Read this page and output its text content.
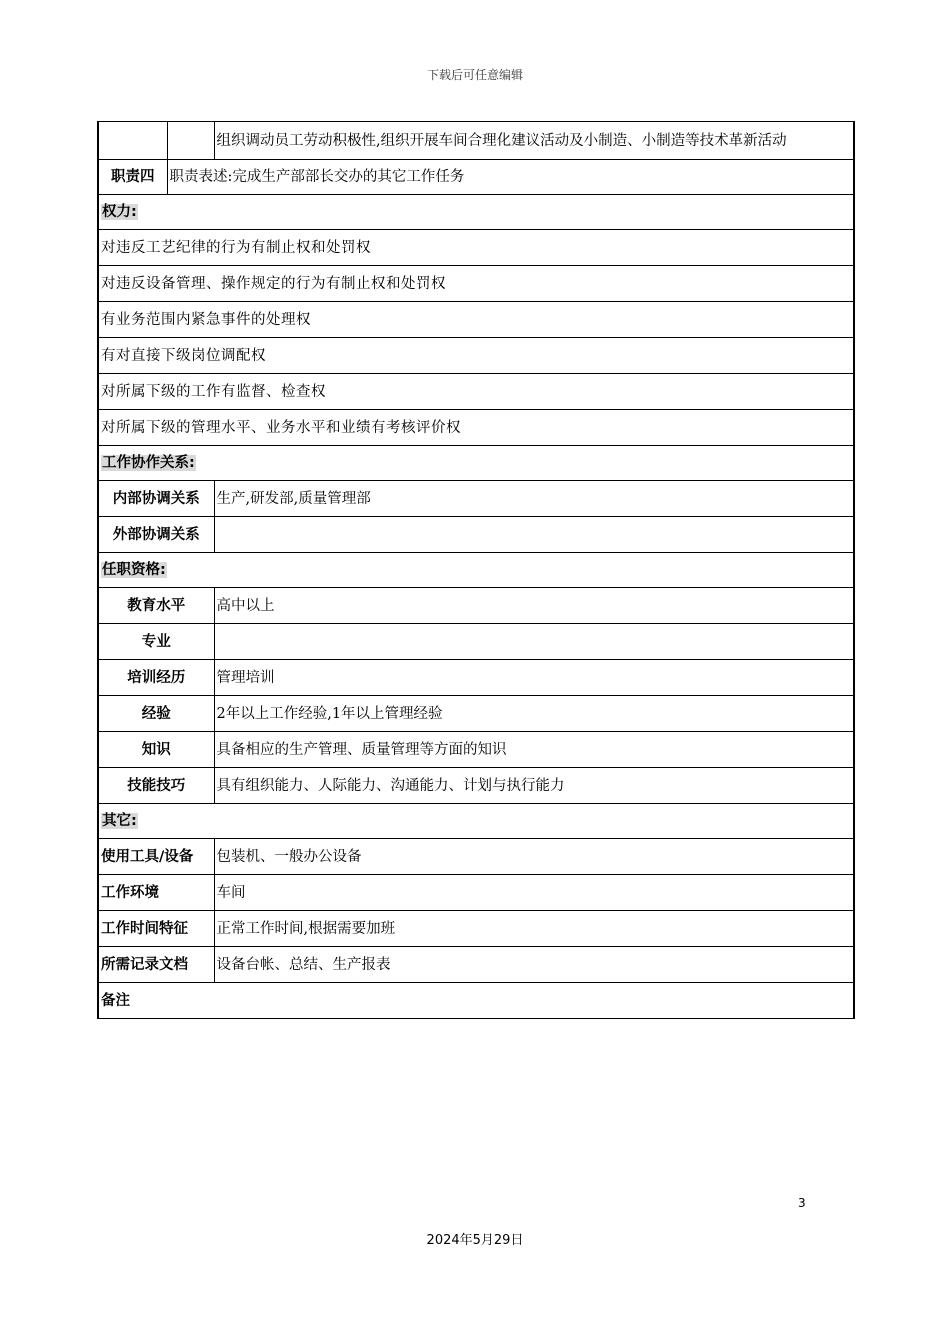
下载后可任意编辑
		组织调动员工劳动积极性,组织开展车间合理化建议活动及小制造、小制造等技术革新活动
职责四	职责表述:完成生产部部长交办的其它工作任务	
权力:		
对违反工艺纪律的行为有制止权和处罚权		
对违反设备管理、操作规定的行为有制止权和处罚权		
有业务范围内紧急事件的处理权		
有对直接下级岗位调配权		
对所属下级的工作有监督、检查权		
对所属下级的管理水平、业务水平和业绩有考核评价权		
工作协作关系:		
内部协调关系		生产,研发部,质量管理部
外部协调关系		
任职资格:		
教育水平		高中以上
专业		
培训经历		管理培训
经验		2年以上工作经验,1年以上管理经验
知识		具备相应的生产管理、质量管理等方面的知识
技能技巧		具有组织能力、人际能力、沟通能力、计划与执行能力
其它:		
使用工具/设备		包装机、一般办公设备
工作环境		车间
工作时间特征		正常工作时间,根据需要加班
所需记录文档		设备台帐、总结、生产报表
备注		
3
2024年5月29日
